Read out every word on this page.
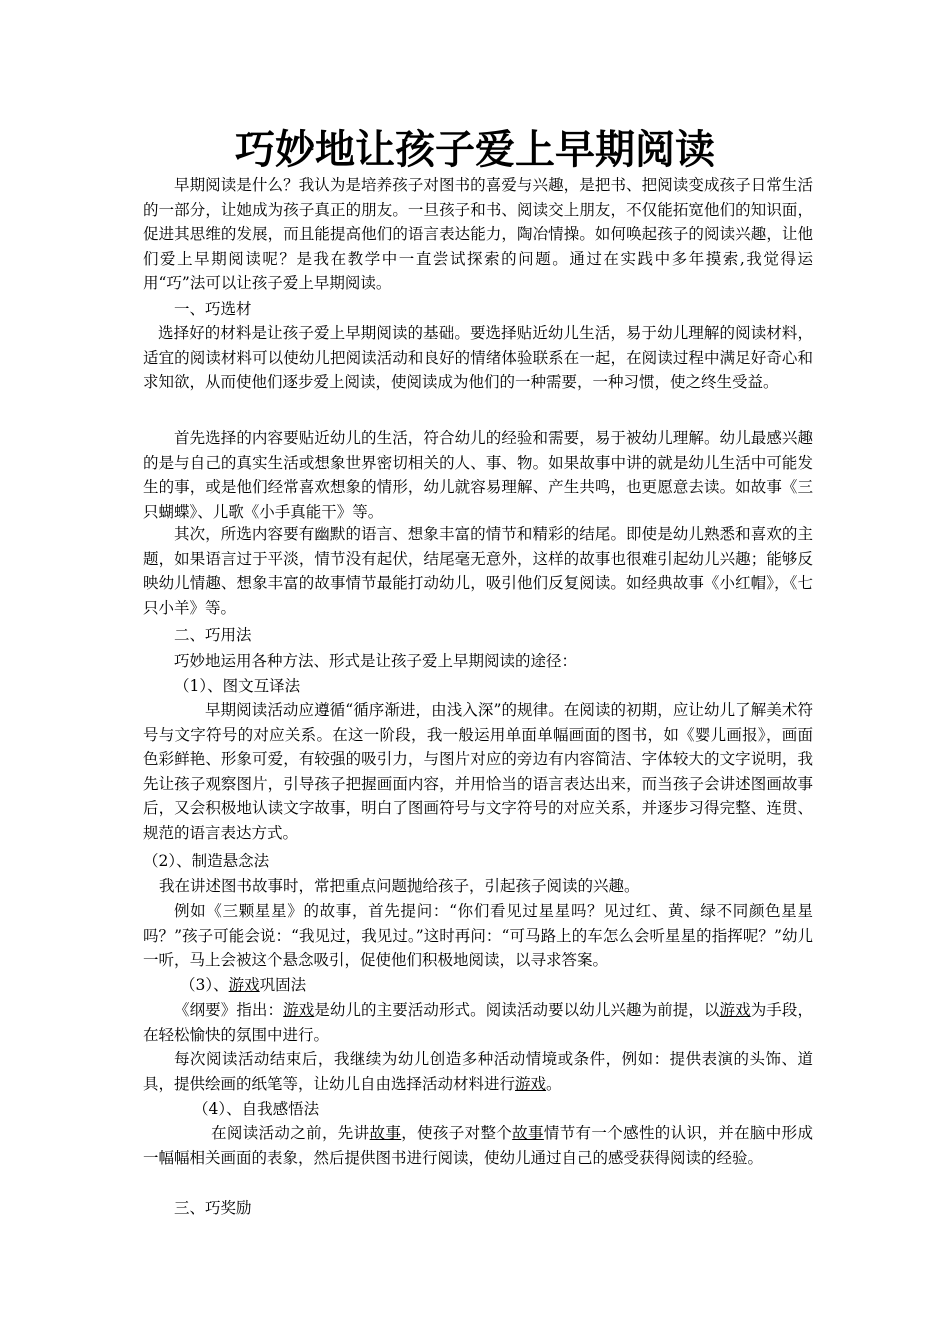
巧妙地让孩子爱上早期阅读
早期阅读是什么？我认为是培养孩子对图书的喜爱与兴趣，是把书、把阅读变成孩子日常生活的一部分，让她成为孩子真正的朋友。一旦孩子和书、阅读交上朋友，不仅能拓宽他们的知识面，促进其思维的发展，而且能提高他们的语言表达能力，陶冶情操。如何唤起孩子的阅读兴趣，让他们爱上早期阅读呢？是我在教学中一直尝试探索的问题。通过在实践中多年摸索,我觉得运用“巧”法可以让孩子爱上早期阅读。
一、巧选材
选择好的材料是让孩子爱上早期阅读的基础。要选择贴近幼儿生活，易于幼儿理解的阅读材料，适宜的阅读材料可以使幼儿把阅读活动和良好的情绪体验联系在一起，在阅读过程中满足好奇心和求知欲，从而使他们逐步爱上阅读，使阅读成为他们的一种需要，一种习惯，使之终生受益。
首先选择的内容要贴近幼儿的生活，符合幼儿的经验和需要，易于被幼儿理解。幼儿最感兴趣的是与自己的真实生活或想象世界密切相关的人、事、物。如果故事中讲的就是幼儿生活中可能发生的事，或是他们经常喜欢想象的情形，幼儿就容易理解、产生共鸣，也更愿意去读。如故事《三只蝴蝶》、儿歌《小手真能干》等。
其次，所选内容要有幽默的语言、想象丰富的情节和精彩的结尾。即使是幼儿熟悉和喜欢的主题，如果语言过于平淡，情节没有起伏，结尾毫无意外，这样的故事也很难引起幼儿兴趣；能够反映幼儿情趣、想象丰富的故事情节最能打动幼儿，吸引他们反复阅读。如经典故事《小红帽》，《七只小羊》等。
二、巧用法
巧妙地运用各种方法、形式是让孩子爱上早期阅读的途径：
（1）、图文互译法
早期阅读活动应遵循“循序渐进，由浅入深”的规律。在阅读的初期，应让幼儿了解美术符号与文字符号的对应关系。在这一阶段，我一般运用单面单幅画面的图书，如《婴儿画报》，画面色彩鲜艳、形象可爱，有较强的吸引力，与图片对应的旁边有内容简洁、字体较大的文字说明，我先让孩子观察图片，引导孩子把握画面内容，并用恰当的语言表达出来，而当孩子会讲述图画故事后，又会积极地认读文字故事，明白了图画符号与文字符号的对应关系，并逐步习得完整、连贯、规范的语言表达方式。
（2）、制造悬念法
我在讲述图书故事时，常把重点问题抛给孩子，引起孩子阅读的兴趣。
例如《三颗星星》的故事，首先提问：“你们看见过星星吗？见过红、黄、绿不同颜色星星吗？”孩子可能会说：“我见过，我见过。”这时再问：“可马路上的车怎么会听星星的指挥呢？”幼儿一听，马上会被这个悬念吸引，促使他们积极地阅读，以寻求答案。
（3）、游戏巩固法
《纲要》指出：游戏是幼儿的主要活动形式。阅读活动要以幼儿兴趣为前提，以游戏为手段，在轻松愉快的氛围中进行。
每次阅读活动结束后，我继续为幼儿创造多种活动情境或条件，例如：提供表演的头饰、道具，提供绘画的纸笔等，让幼儿自由选择活动材料进行游戏。
（4）、自我感悟法
在阅读活动之前，先讲故事，使孩子对整个故事情节有一个感性的认识，并在脑中形成一幅幅相关画面的表象，然后提供图书进行阅读，使幼儿通过自己的感受获得阅读的经验。
三、巧奖励
